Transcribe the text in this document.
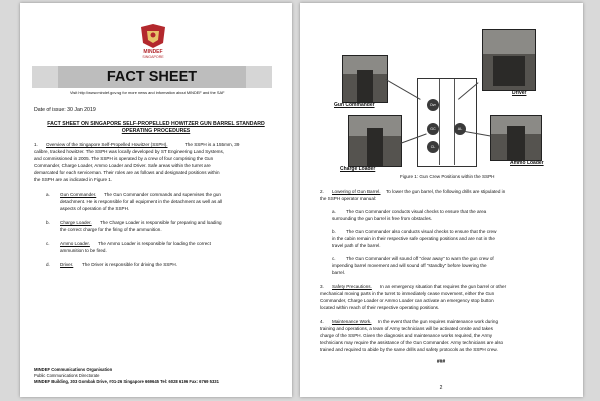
MINDEF
SINGAPORE
FACT SHEET
Visit http://www.mindef.gov.sg for more news and information about MINDEF and the SAF
Date of issue: 30 Jan 2019
FACT SHEET ON SINGAPORE SELF-PROPELLED HOWITZER GUN BARREL STANDARD
OPERATING PROCEDURES
1. Overview of the Singapore Self-Propelled Howitzer (SSPH).	The SSPH is a 155mm, 39
calibre, tracked howitzer. The SSPH was locally developed by ST Engineering Land Systems,
and commissioned in 2005. The SSPH is operated by a crew of four comprising the Gun
Commander, Charge Loader, Ammo Loader and Driver. Safe areas within the turret are
demarcated for each serviceman. Their roles are as follows and designated positions within
the SSPH are as indicated in Figure 1.
a. Gun Commander. The Gun Commander commands and supervises the gun
detachment. He is responsible for all equipment in the detachment as well as all
aspects of operation of the SSPH.
b. Charge Loader. The Charge Loader is responsible for preparing and loading
the correct charge for the firing of the ammunition.
c. Ammo Loader. The Ammo Loader is responsible for loading the correct
ammunition to be fired.
d. Driver. The Driver is responsible for driving the SSPH.
MINDEF Communications Organisation
Public Communications Directorate
MINDEF Building, 303 Gombak Drive, #01-26 Singapore 669645 Tel: 6028 6196 Fax: 6769 5331
Gun Commander
Driver
Ammo Loader
Charge Loader
Dvr
GC	AL
CL
Figure 1: Gun Crew Positions within the SSPH
2. Lowering of Gun Barrel. To lower the gun barrel, the following drills are stipulated in
the SSPH operator manual:
a. The Gun Commander conducts visual checks to ensure that the area
surrounding the gun barrel is free from obstacles.
b. The Gun Commander also conducts visual checks to ensure that the crew
in the cabin remain in their respective safe operating positions and are not in the
travel path of the barrel.
c. The Gun Commander will sound off "clear away" to warn the gun crew of
impending barrel movement and will sound off "standby" before lowering the
barrel.
3. Safety Precautions. In an emergency situation that requires the gun barrel or other
mechanical moving parts in the turret to immediately cease movement, either the Gun
Commander, Charge Loader or Ammo Loader can activate an emergency stop button
located within reach of their respective operating positions.
4. Maintenance Work. In the event that the gun requires maintenance work during
training and operations, a team of Army technicians will be activated onsite and takes
charge of the SSPH. Given the diagnosis and maintenance works required, the Army
technicians may require the assistance of the Gun Commander. Army technicians are also
trained and required to abide by the same drills and safety protocols as the SSPH crew.
###
2
